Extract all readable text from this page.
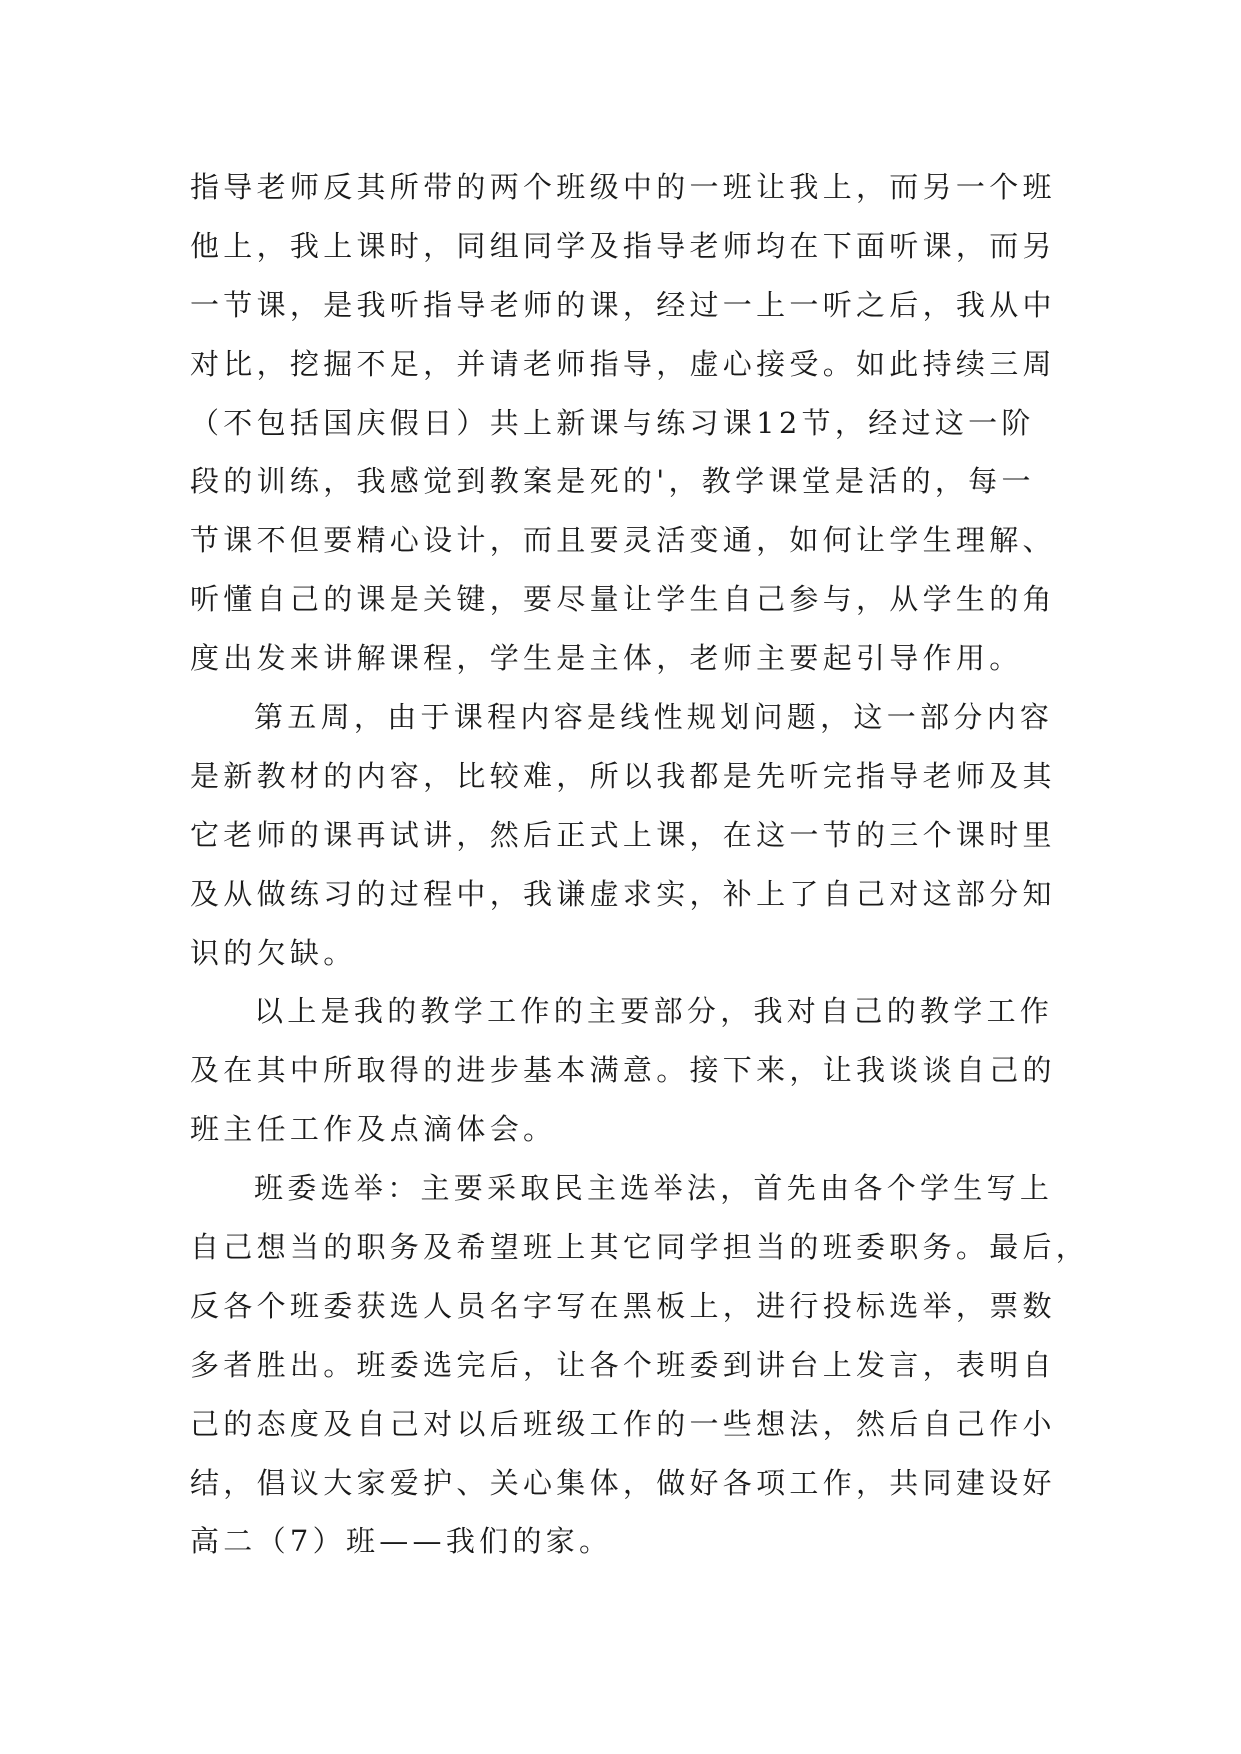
指导老师反其所带的两个班级中的一班让我上，而另一个班
他上，我上课时，同组同学及指导老师均在下面听课，而另
一节课，是我听指导老师的课，经过一上一听之后，我从中
对比，挖掘不足，并请老师指导，虚心接受。如此持续三周
（不包括国庆假日）共上新课与练习课12节，经过这一阶
段的训练，我感觉到教案是死的'，教学课堂是活的，每一
节课不但要精心设计，而且要灵活变通，如何让学生理解、
听懂自己的课是关键，要尽量让学生自己参与，从学生的角
度出发来讲解课程，学生是主体，老师主要起引导作用。
第五周，由于课程内容是线性规划问题，这一部分内容
是新教材的内容，比较难，所以我都是先听完指导老师及其
它老师的课再试讲，然后正式上课，在这一节的三个课时里
及从做练习的过程中，我谦虚求实，补上了自己对这部分知
识的欠缺。
以上是我的教学工作的主要部分，我对自己的教学工作
及在其中所取得的进步基本满意。接下来，让我谈谈自己的
班主任工作及点滴体会。
班委选举：主要采取民主选举法，首先由各个学生写上
自己想当的职务及希望班上其它同学担当的班委职务。最后，
反各个班委获选人员名字写在黑板上，进行投标选举，票数
多者胜出。班委选完后，让各个班委到讲台上发言，表明自
己的态度及自己对以后班级工作的一些想法，然后自己作小
结，倡议大家爱护、关心集体，做好各项工作，共同建设好
高二（7）班——我们的家。
